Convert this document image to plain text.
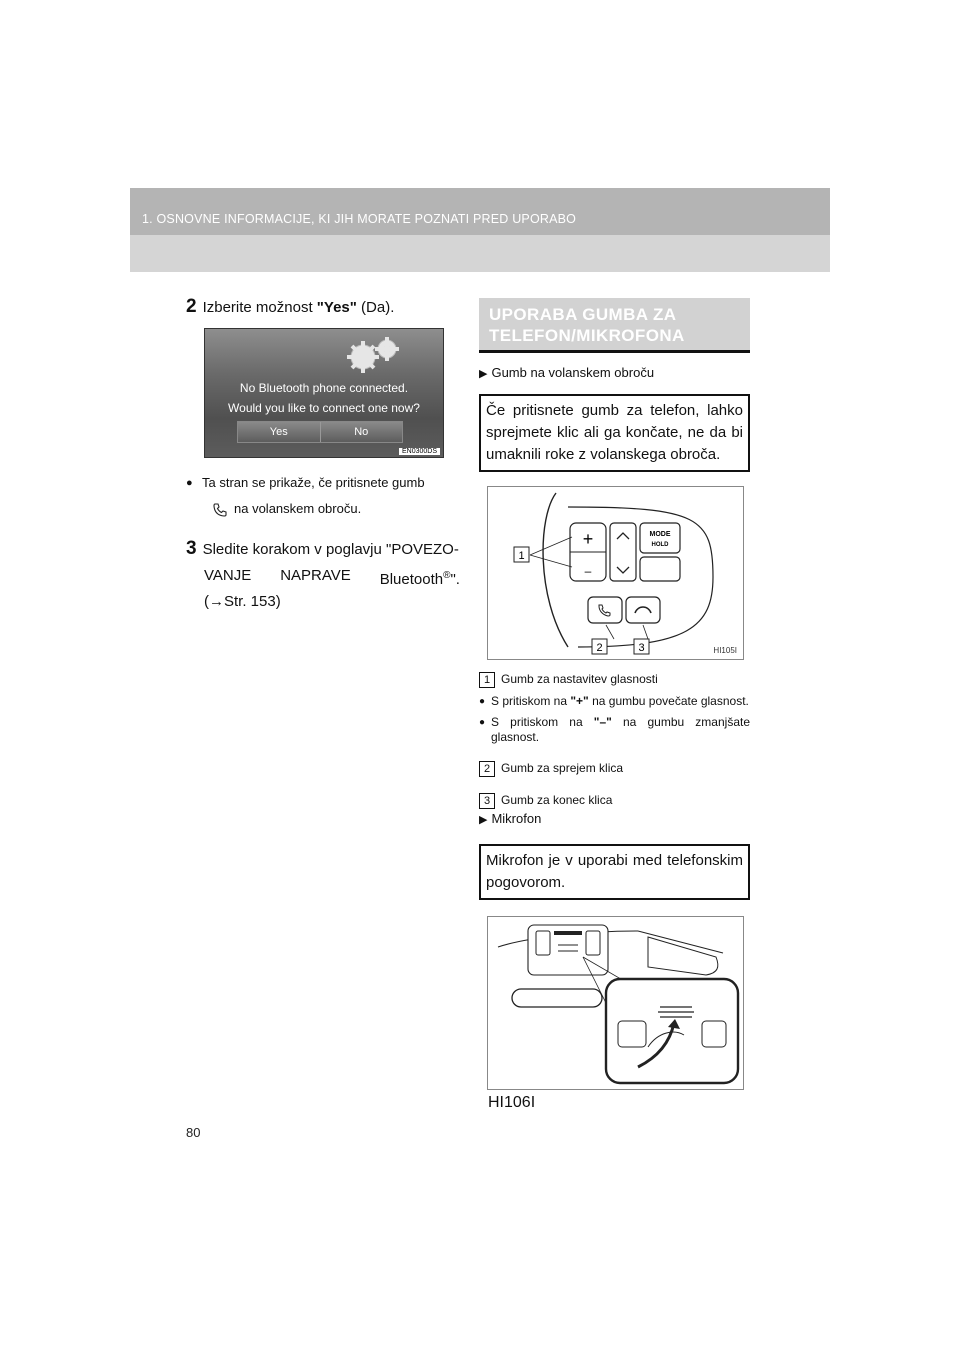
1. OSNOVNE INFORMACIJE, KI JIH MORATE POZNATI PRED UPORABO
2 Izberite možnost "Yes" (Da).
No Bluetooth phone connected.
Would you like to connect one now?
Yes	No
EN0300DS
● Ta stran se prikaže, če pritisnete gumb
na volanskem obroču.
3 Sledite korakom v poglavju "POVEZO-
VANJE NAPRAVE Bluetooth®".
(→Str. 153)
UPORABA GUMBA ZA
TELEFON/MIKROFONA
▶ Gumb na volanskem obroču
Če pritisnete gumb za telefon, lahko sprejmete klic ali ga končate, ne da bi umaknili roke z volanskega obroča.
+
–
MODE
HOLD
1
2	3	HI105I
1 Gumb za nastavitev glasnosti
● S pritiskom na "+" na gumbu povečate glasnost.
● S pritiskom na "–" na gumbu zmanjšate glasnost.
2 Gumb za sprejem klica
3 Gumb za konec klica
▶ Mikrofon
Mikrofon je v uporabi med telefonskim pogovorom.
HI106I
80
